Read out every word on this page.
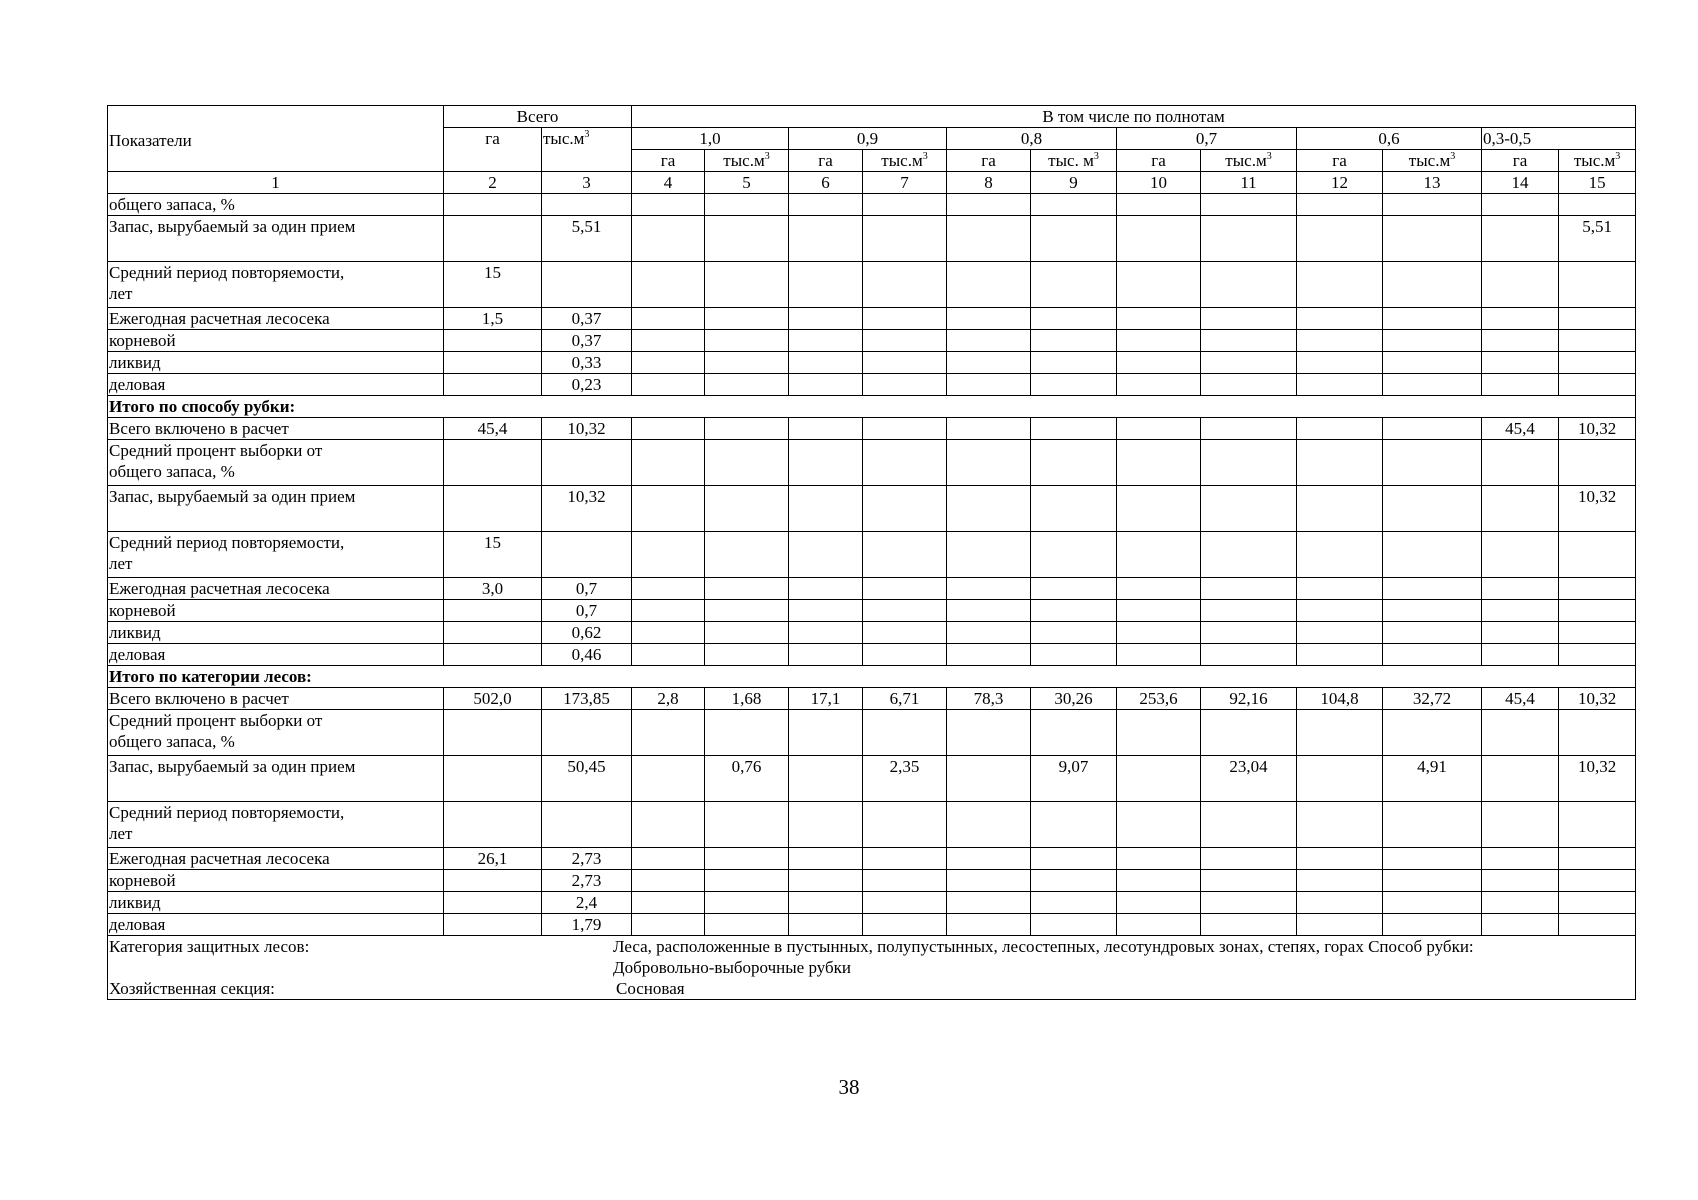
Показатели	Всего		В том числе по полнотам											
	га	$тыс.м^3$	1,0		0,9		0,8		0,7		0,6		0,3-0,5	
			га	$тыс.м^3$	га	$тыс.м^3$	га	тыс. $м^3$	га	$тыс.м^3$	га	$тыс.м^3$	га	$тыс.м^3$
1	2	3	4	5	6	7	8	9	10	11	12	13	14	15
общего запаса, %														
Запас, вырубаемый за один прием		5,51												5,51
Средний период повторяемости, лет	15													
Ежегодная расчетная лесосека	1,5	0,37												
корневой		0,37												
ликвид		0,33												
деловая		0,23												
Итого по способу рубки:														
Всего включено в расчет	45,4	10,32											45,4	10,32
Средний процент выборки от общего запаса, %														
Запас, вырубаемый за один прием		10,32												10,32
Средний период повторяемости, лет	15													
Ежегодная расчетная лесосека	3,0	0,7												
корневой		0,7												
ликвид		0,62												
деловая		0,46												
Итого по категории лесов:														
Всего включено в расчет	502,0	173,85	2,8	1,68	17,1	6,71	78,3	30,26	253,6	92,16	104,8	32,72	45,4	10,32
Средний процент выборки от общего запаса, %														
Запас, вырубаемый за один прием		50,45		0,76		2,35		9,07		23,04		4,91		10,32
Средний период повторяемости, лет														
Ежегодная расчетная лесосека	26,1	2,73												
корневой		2,73												
ликвид		2,4												
деловая		1,79												

Категория защитных лесов: Леса, расположенные в пустынных, полупустынных, лесостепных, лесотундровых зонах, степях, горах Способ рубки:
Добровольно-выборочные рубки
Хозяйственная секция: Сосновая														
38
